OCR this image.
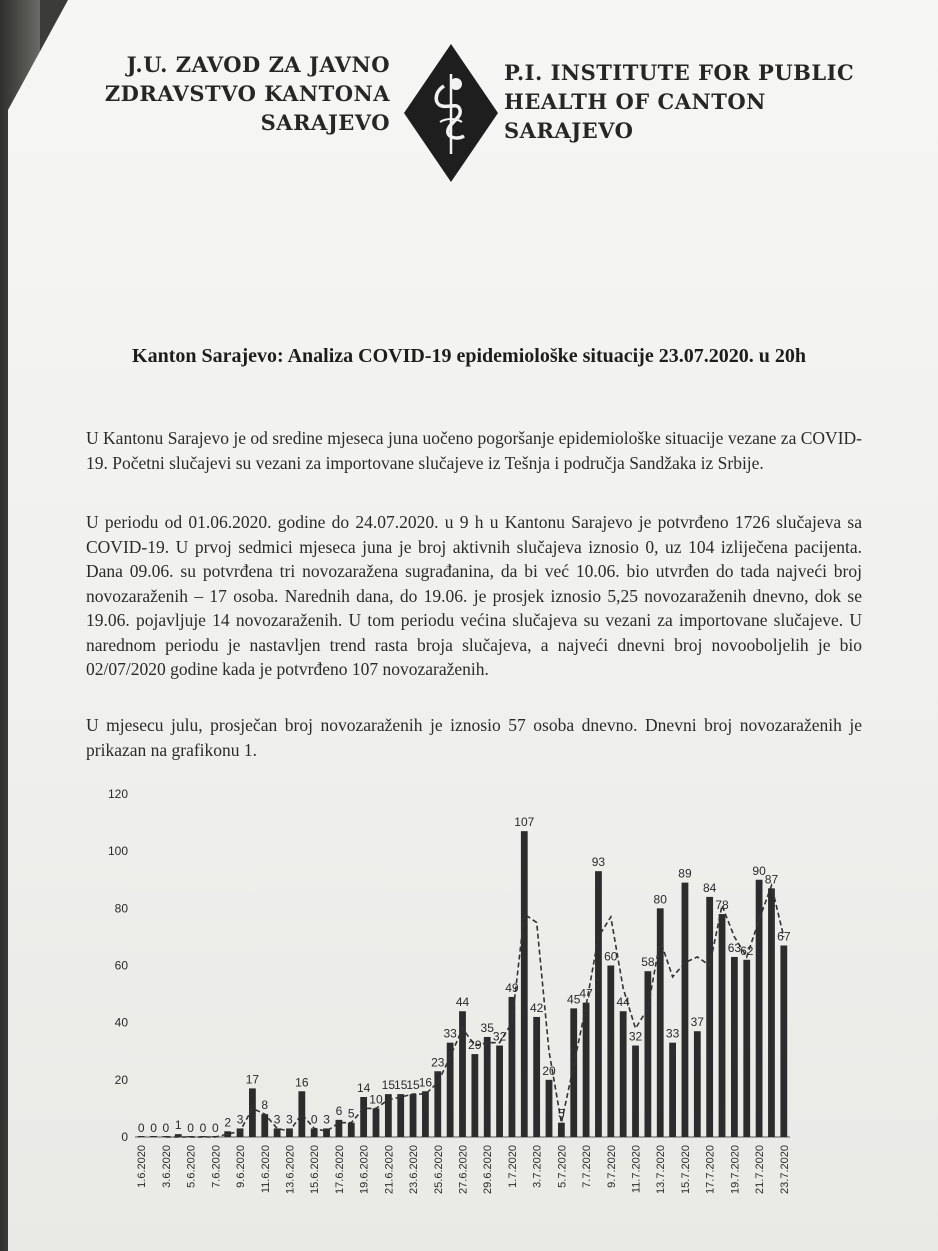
J.U. ZAVOD ZA JAVNO
ZDRAVSTVO KANTONA
SARAJEVO
P.I. INSTITUTE FOR PUBLIC
HEALTH OF CANTON
SARAJEVO
Kanton Sarajevo: Analiza COVID-19 epidemiološke situacije 23.07.2020. u 20h
U Kantonu Sarajevo je od sredine mjeseca juna uočeno pogoršanje epidemiološke situacije vezane za COVID-19. Početni slučajevi su vezani za importovane slučajeve iz Tešnja i područja Sandžaka iz Srbije.
U periodu od 01.06.2020. godine do 24.07.2020. u 9 h u Kantonu Sarajevo je potvrđeno 1726 slučajeva sa COVID-19. U prvoj sedmici mjeseca juna je broj aktivnih slučajeva iznosio 0, uz 104 izliječena pacijenta. Dana 09.06. su potvrđena tri novozaražena sugrađanina, da bi već 10.06. bio utvrđen do tada najveći broj novozaraženih – 17 osoba. Narednih dana, do 19.06. je prosjek iznosio 5,25 novozaraženih dnevno, dok se 19.06. pojavljuje 14 novozaraženih. U tom periodu većina slučajeva su vezani za importovane slučajeve. U narednom periodu je nastavljen trend rasta broja slučajeva, a najveći dnevni broj novooboljelih je bio 02/07/2020 godine kada je potvrđeno 107 novozaraženih.
U mjesecu julu, prosječan broj novozaraženih je iznosio 57 osoba dnevno. Dnevni broj novozaraženih je prikazan na grafikonu 1.
0
20
40
60
80
100
120
0 0 0 1 0 0 0 2 3
17
8
3 3
16
0 3
6 5
14
10
15
15
15
16
23
33
44
29
35
32
49
107
42
20
5
45
47
93
60
44
32
58
80
33
89
37
84
78
63
62
90
87
67
1.6.2020 3.6.2020 5.6.2020 7.6.2020 9.6.2020 11.6.2020 13.6.2020 15.6.2020 17.6.2020 19.6.2020 21.6.2020 23.6.2020 25.6.2020 27.6.2020 29.6.2020 1.7.2020 3.7.2020 5.7.2020 7.7.2020 9.7.2020 11.7.2020 13.7.2020 15.7.2020 17.7.2020 19.7.2020 21.7.2020 23.7.2020
